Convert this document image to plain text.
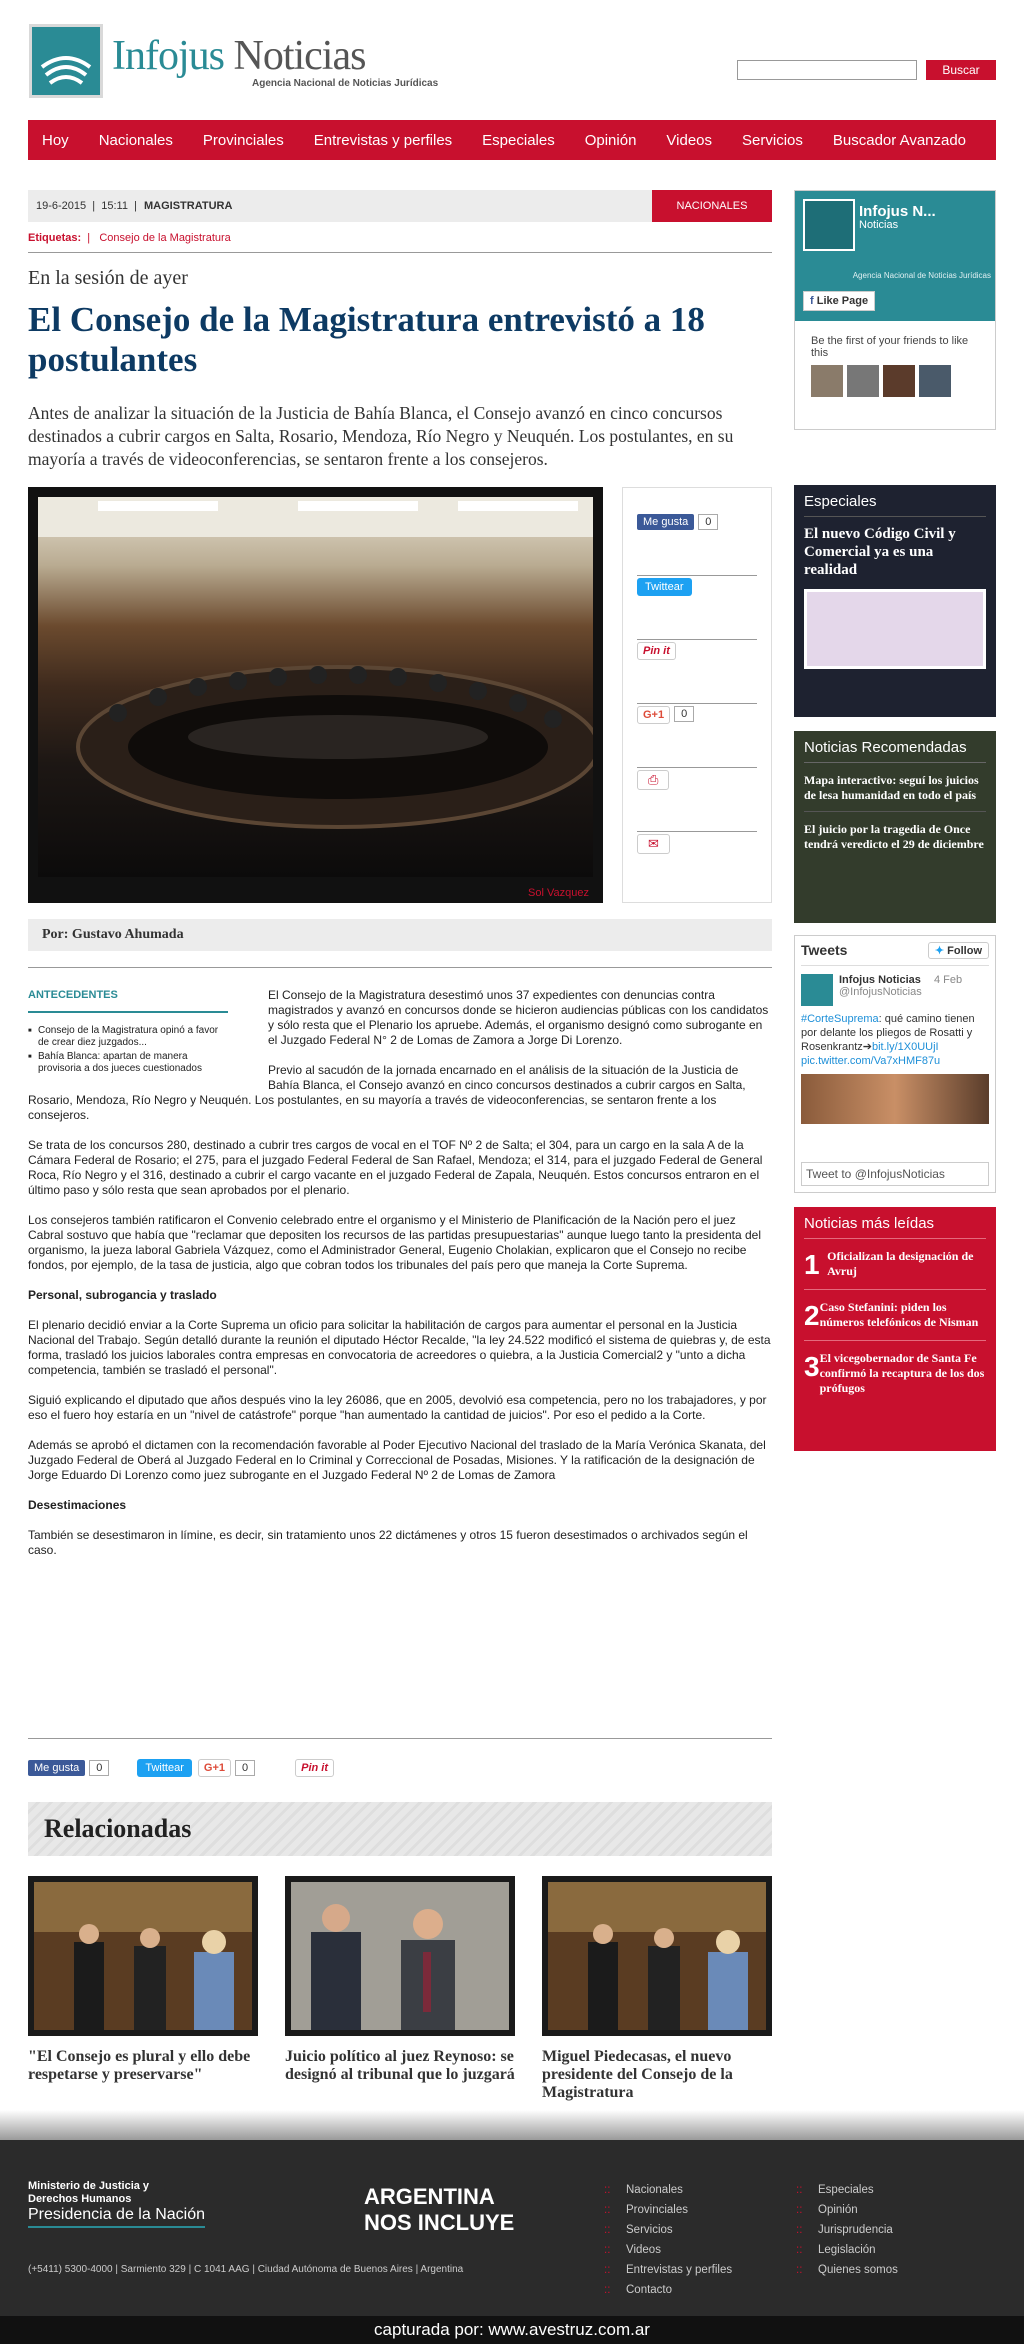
Infojus Noticias
Agencia Nacional de Noticias Jurídicas
Buscar
Hoy Nacionales Provinciales Entrevistas y perfiles Especiales Opinión Videos Servicios Buscador Avanzado
19-6-2015 | 15:11 | MAGISTRATURA	NACIONALES
Etiquetas:  |   Consejo de la Magistratura
En la sesión de ayer
El Consejo de la Magistratura entrevistó a 18 postulantes

Antes de analizar la situación de la Justicia de Bahía Blanca, el Consejo avanzó en cinco concursos destinados a cubrir cargos en Salta, Rosario, Mendoza, Río Negro y Neuquén. Los postulantes, en su mayoría a través de videoconferencias, se sentaron frente a los consejeros.

Sol Vazquez
Me gusta	0
Twittear
Pin it
G+1	0
⎙
✉
Por: Gustavo Ahumada
ANTECEDENTES
■ Consejo de la Magistratura opinó a favor de crear diez juzgados...
■ Bahía Blanca: apartan de manera provisoria a dos jueces cuestionados

El Consejo de la Magistratura desestimó unos 37 expedientes con denuncias contra magistrados y avanzó en concursos donde se hicieron audiencias públicas con los candidatos y sólo resta que el Plenario los apruebe. Además, el organismo designó como subrogante en el Juzgado Federal N° 2 de Lomas de Zamora a Jorge Di Lorenzo.

Previo al sacudón de la jornada encarnado en el análisis de la situación de la Justicia de Bahía Blanca, el Consejo avanzó en cinco concursos destinados a cubrir cargos en Salta, Rosario, Mendoza, Río Negro y Neuquén. Los postulantes, en su mayoría a través de videoconferencias, se sentaron frente a los consejeros.

Se trata de los concursos 280, destinado a cubrir tres cargos de vocal en el TOF Nº 2 de Salta; el 304, para un cargo en la sala A de la Cámara Federal de Rosario; el 275, para el juzgado Federal Federal de San Rafael, Mendoza; el 314, para el juzgado Federal de General Roca, Río Negro y el 316, destinado a cubrir el cargo vacante en el juzgado Federal de Zapala, Neuquén. Estos concursos entraron en el último paso y sólo resta que sean aprobados por el plenario.

Los consejeros también ratificaron el Convenio celebrado entre el organismo y el Ministerio de Planificación de la Nación pero el juez Cabral sostuvo que había que "reclamar que depositen los recursos de las partidas presupuestarias" aunque luego tanto la presidenta del organismo, la jueza laboral Gabriela Vázquez, como el Administrador General, Eugenio Cholakian, explicaron que el Consejo no recibe fondos, por ejemplo, de la tasa de justicia, algo que cobran todos los tribunales del país pero que maneja la Corte Suprema.

Personal, subrogancia y traslado

El plenario decidió enviar a la Corte Suprema un oficio para solicitar la habilitación de cargos para aumentar el personal en la Justicia Nacional del Trabajo. Según detalló durante la reunión el diputado Héctor Recalde, "la ley 24.522 modificó el sistema de quiebras y, de esta forma, trasladó los juicios laborales contra empresas en convocatoria de acreedores o quiebra, a la Justicia Comercial2 y "unto a dicha competencia, también se trasladó el personal".

Siguió explicando el diputado que años después vino la ley 26086, que en 2005, devolvió esa competencia, pero no los trabajadores, y por eso el fuero hoy estaría en un "nivel de catástrofe" porque "han aumentado la cantidad de juicios". Por eso el pedido a la Corte.

Además se aprobó el dictamen con la recomendación favorable al Poder Ejecutivo Nacional del traslado de la María Verónica Skanata, del Juzgado Federal de Oberá al Juzgado Federal en lo Criminal y Correccional de Posadas, Misiones. Y la ratificación de la designación de Jorge Eduardo Di Lorenzo como juez subrogante en el Juzgado Federal Nº 2 de Lomas de Zamora

Desestimaciones

También se desestimaron in límine, es decir, sin tratamiento unos 22 dictámenes y otros 15 fueron desestimados o archivados según el caso.

Me gusta	0	Twittear	G+1	0	Pin it
Relacionadas
"El Consejo es plural y ello debe respetarse y preservarse"
Juicio político al juez Reynoso: se designó al tribunal que lo juzgará
Miguel Piedecasas, el nuevo presidente del Consejo de la Magistratura
Infojus N...
Noticias
Agencia Nacional de Noticias Jurídicas
f Like Page
Be the first of your friends to like this
Especiales

El nuevo Código Civil y Comercial ya es una realidad

Noticias Recomendadas

Mapa interactivo: seguí los juicios de lesa humanidad en todo el país

El juicio por la tragedia de Once tendrá veredicto el 29 de diciembre

Tweets	✦ Follow
Infojus Noticias 4 Feb
@InfojusNoticias
#CorteSuprema: qué camino tienen por delante los pliegos de Rosatti y Rosenkrantz➔bit.ly/1X0UUjI pic.twitter.com/Va7xHMF87u
Tweet to @InfojusNoticias
Noticias más leídas
1 Oficializan la designación de Avruj
2 Caso Stefanini: piden los números telefónicos de Nisman
3 El vicegobernador de Santa Fe confirmó la recaptura de los dos prófugos
Ministerio de Justicia y Derechos Humanos
Presidencia de la Nación
ARGENTINA
NOS INCLUYE
(+5411) 5300-4000 | Sarmiento 329 | C 1041 AAG | Ciudad Autónoma de Buenos Aires | Argentina
:: Nacionales
:: Provinciales
:: Servicios
:: Videos
:: Entrevistas y perfiles
:: Contacto
:: Especiales
:: Opinión
:: Jurisprudencia
:: Legislación
:: Quienes somos
capturada por: www.avestruz.com.ar
